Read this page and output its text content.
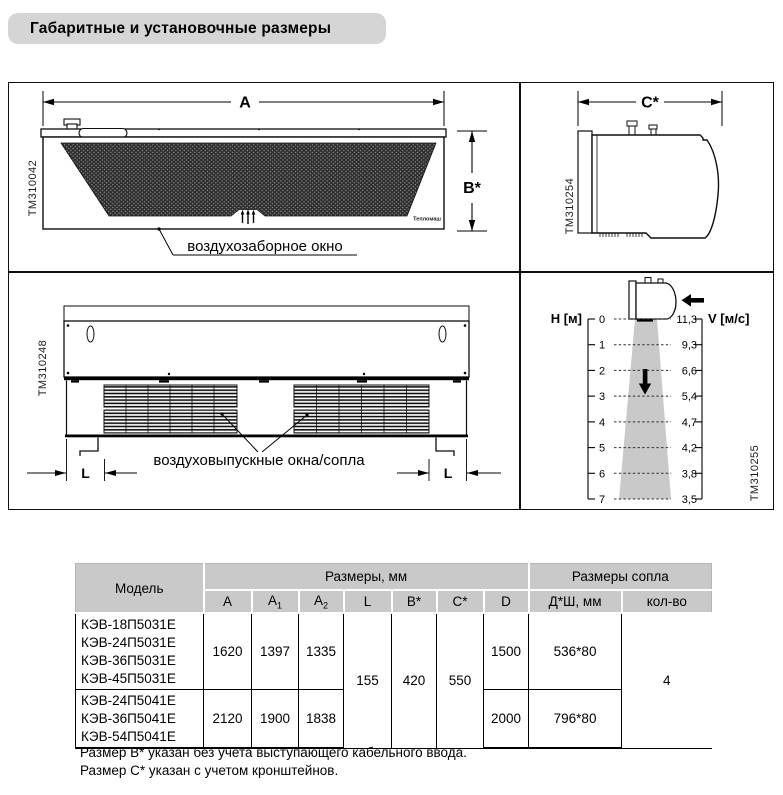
Габаритные и установочные размеры
A
Тепломаш
B*
ТМ310042
воздухозаборное окно
C*
ТМ310254
ТМ310248
L	L
воздуховыпускные окна/сопла
Н [м]	V [м/с]
0
1
2
3
4
5
6
7
11,3
9,3
6,6
5,4
4,7
4,2
3,8
3,5	ТМ310255
Модель	Размеры, мм							Размеры сопла	
	A	$A_1$	$A_2$	L	B*	C*	D	Д*Ш, мм	кол-во

КЭВ-18П5031Е
КЭВ-24П5031Е
КЭВ-36П5031Е
КЭВ-45П5031Е	1620	1397	1335	155	420	550	1500	536*80	4

КЭВ-24П5041Е
КЭВ-36П5041Е
КЭВ-54П5041Е	2120	1900	1838				2000	796*80	
Размер В* указан без учета выступающего кабельного ввода.
Размер С* указан с учетом кронштейнов.
